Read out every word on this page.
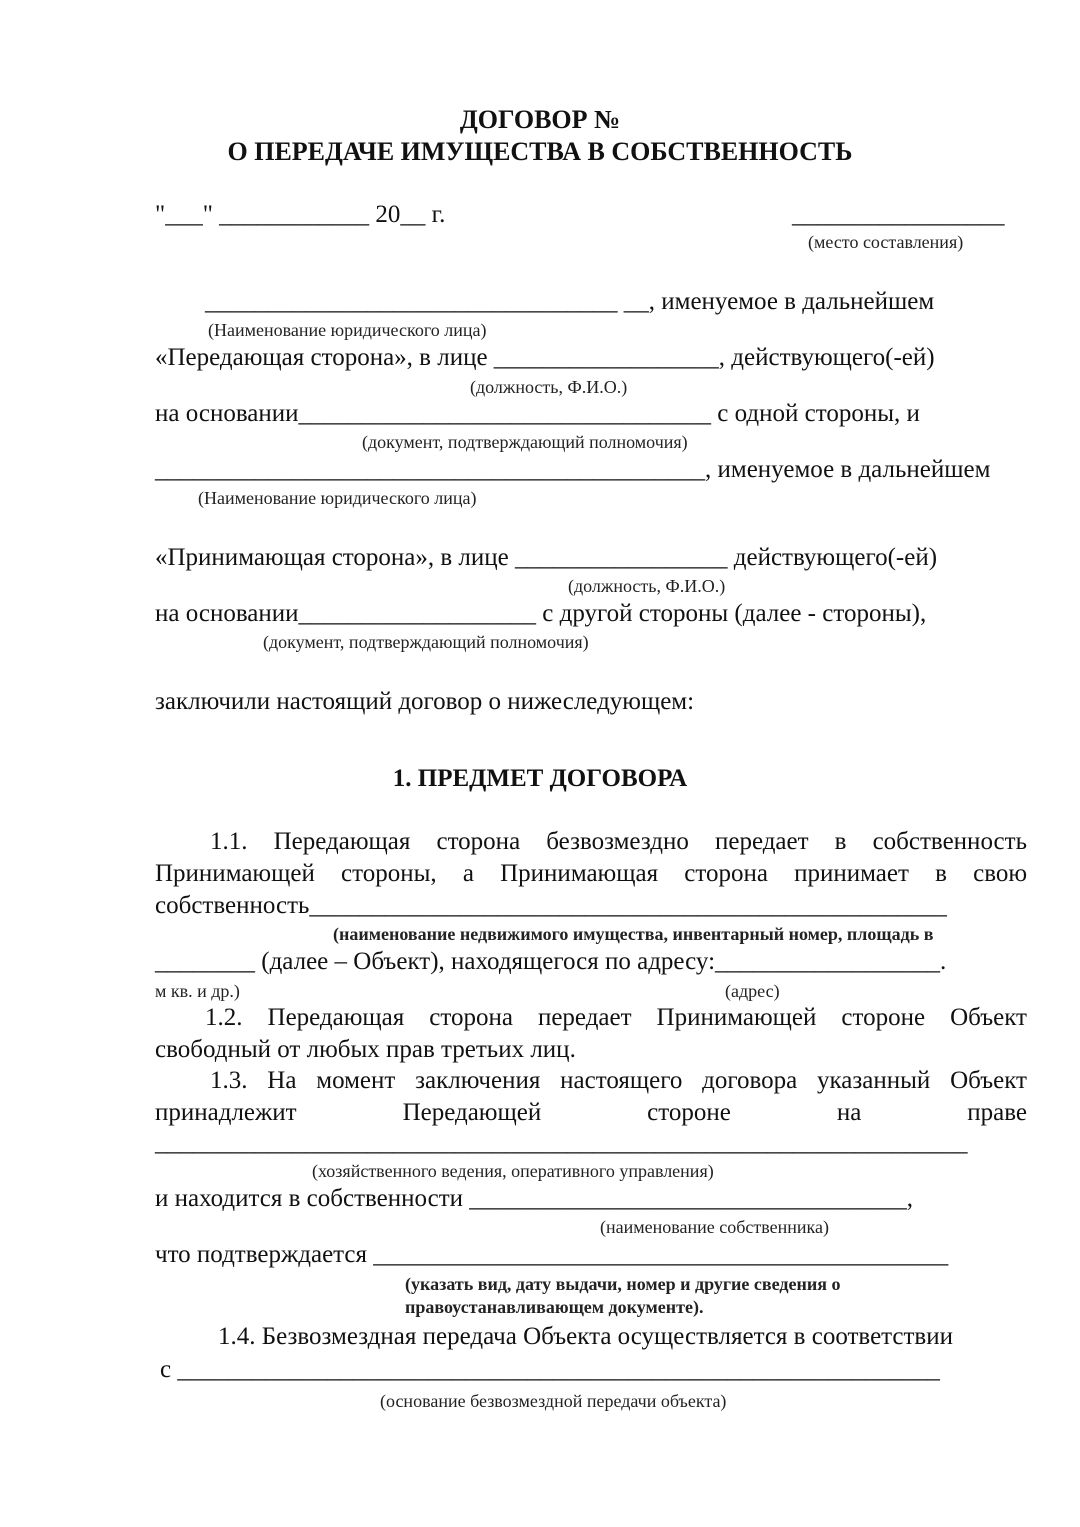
ДОГОВОР №
О ПЕРЕДАЧЕ ИМУЩЕСТВА В СОБСТВЕННОСТЬ
"___" ____________ 20__ г.	_________________
(место составления)
_________________________________ __, именуемое в дальнейшем
(Наименование юридического лица)
«Передающая сторона», в лице __________________, действующего(-ей)
(должность, Ф.И.О.)
на основании_________________________________ с одной стороны, и
(документ, подтверждающий полномочия)
____________________________________________, именуемое в дальнейшем
(Наименование юридического лица)
«Принимающая сторона», в лице _________________ действующего(-ей)
(должность, Ф.И.О.)
на основании___________________ с другой стороны (далее - стороны),
(документ, подтверждающий полномочия)
заключили настоящий договор о нижеследующем:
1. ПРЕДМЕТ ДОГОВОРА
1.1. Передающая сторона безвозмездно передает в собственность
Принимающей стороны, а Принимающая сторона принимает в свою
собственность___________________________________________________
(наименование недвижимого имущества, инвентарный номер, площадь в
________ (далее – Объект), находящегося по адресу:__________________.
м кв. и др.)	(адрес)
1.2. Передающая сторона передает Принимающей стороне Объект
свободный от любых прав третьих лиц.
1.3. На момент заключения настоящего договора указанный Объект
принадлежит Передающей стороне на праве
_________________________________________________________________
(хозяйственного ведения, оперативного управления)
и находится в собственности ___________________________________,
(наименование собственника)
что подтверждается ______________________________________________
(указать вид, дату выдачи, номер и другие сведения о
правоустанавливающем документе).
1.4. Безвозмездная передача Объекта осуществляется в соответствии
с _____________________________________________________________
(основание безвозмездной передачи объекта)
